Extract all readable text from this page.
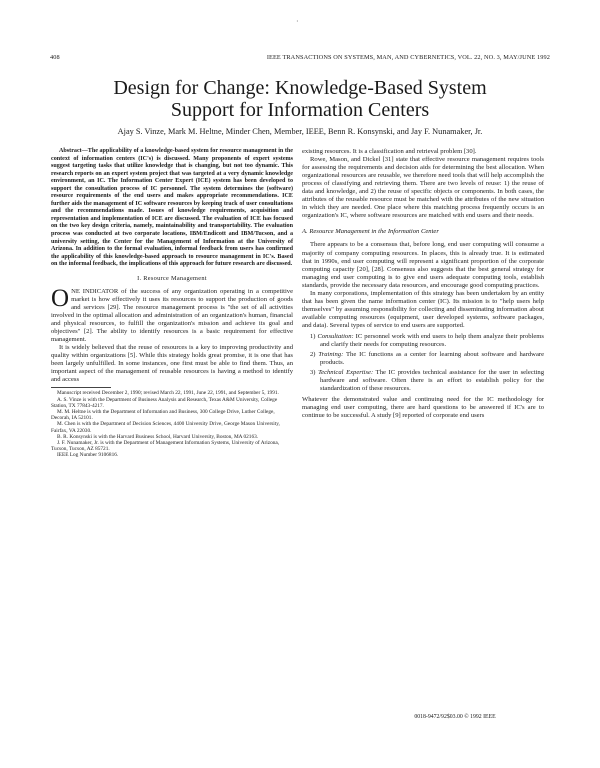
·
408	IEEE TRANSACTIONS ON SYSTEMS, MAN, AND CYBERNETICS, VOL. 22, NO. 3, MAY/JUNE 1992
Design for Change: Knowledge-Based System
Support for Information Centers
Ajay S. Vinze, Mark M. Heltne, Minder Chen, Member, IEEE, Benn R. Konsynski, and Jay F. Nunamaker, Jr.
Abstract—The applicability of a knowledge-based system for resource management in the context of information centers (IC's) is discussed. Many proponents of expert systems suggest targeting tasks that utilize knowledge that is changing, but not too dynamic. This research reports on an expert system project that was targeted at a very dynamic knowledge environment, an IC. The Information Center Expert (ICE) system has been developed to support the consultation process of IC personnel. The system determines the (software) resource requirements of the end users and makes appropriate recommendations. ICE further aids the management of IC software resources by keeping track of user consultations and the recommendations made. Issues of knowledge requirements, acquisition and representation and implementation of ICE are discussed. The evaluation of ICE has focused on the two key design criteria, namely, maintainability and transportability. The evaluation process was conducted at two corporate locations, IBM/Endicott and IBM/Tucson, and a university setting, the Center for the Management of Information at the University of Arizona. In addition to the formal evaluation, informal feedback from users has confirmed the applicability of this knowledge-based approach to resource management in IC's. Based on the informal feedback, the implications of this approach for future research are discussed.
I. Resource Management

ONE INDICATOR of the success of any organization operating in a competitive market is how effectively it uses its resources to support the production of goods and services [29]. The resource management process is "the set of all activities involved in the optimal allocation and administration of an organization's human, financial and physical resources, to fulfill the organization's mission and achieve its goal and objectives" [2]. The ability to identify resources is a basic requirement for effective management.

It is widely believed that the reuse of resources is a key to improving productivity and quality within organizations [5]. While this strategy holds great promise, it is one that has been largely unfulfilled. In some instances, one first must be able to find them. Thus, an important aspect of the management of reusable resources is having a method to identify and access

Manuscript received December 2, 1990; revised March 22, 1991, June 22, 1991, and September 5, 1991.
A. S. Vinze is with the Department of Business Analysis and Research, Texas A&M University, College Station, TX 77843-4217.
M. M. Heltne is with the Department of Information and Business, 300 College Drive, Luther College, Decorah, IA 52101.
M. Chen is with the Department of Decision Sciences, 4400 University Drive, George Mason University, Fairfax, VA 22030.
B. R. Konsynski is with the Harvard Business School, Harvard University, Boston, MA 02163.
J. F. Nunamaker, Jr. is with the Department of Management Information Systems, University of Arizona, Tucson, Tucson, AZ 85721.
IEEE Log Number 9106816.

existing resources. It is a classification and retrieval problem [30].

Rowe, Mason, and Dickel [31] state that effective resource management requires tools for assessing the requirements and decision aids for determining the best allocation. When organizational resources are reusable, we therefore need tools that will help accomplish the process of classifying and retrieving them. There are two levels of reuse: 1) the reuse of data and knowledge, and 2) the reuse of specific objects or components. In both cases, the attributes of the reusable resource must be matched with the attributes of the new situation in which they are needed. One place where this matching process frequently occurs is an organization's IC, where software resources are matched with end users and their needs.

A. Resource Management in the Information Center

There appears to be a consensus that, before long, end user computing will consume a majority of company computing resources. In places, this is already true. It is estimated that in 1990s, end user computing will represent a significant proportion of the corporate computing capacity [20], [28]. Consensus also suggests that the best general strategy for managing end user computing is to give end users adequate computing tools, establish standards, provide the necessary data resources, and encourage good computing practices.

In many corporations, implementation of this strategy has been undertaken by an entity that has been given the name information center (IC). Its mission is to "help users help themselves" by assuming responsibility for collecting and disseminating information about available computing resources (equipment, user developed systems, software packages, and data). Several types of service to end users are supported.

1) Consultation: IC personnel work with end users to help them analyze their problems and clarify their needs for computing resources.
2) Training: The IC functions as a center for learning about software and hardware products.
3) Technical Expertise: The IC provides technical assistance for the user in selecting hardware and software. Often there is an effort to establish policy for the standardization of these resources.

Whatever the demonstrated value and continuing need for the IC methodology for managing end user computing, there are hard questions to be answered if IC's are to continue to be successful. A study [9] reported of corporate end users

0018-9472/92$03.00 © 1992 IEEE
